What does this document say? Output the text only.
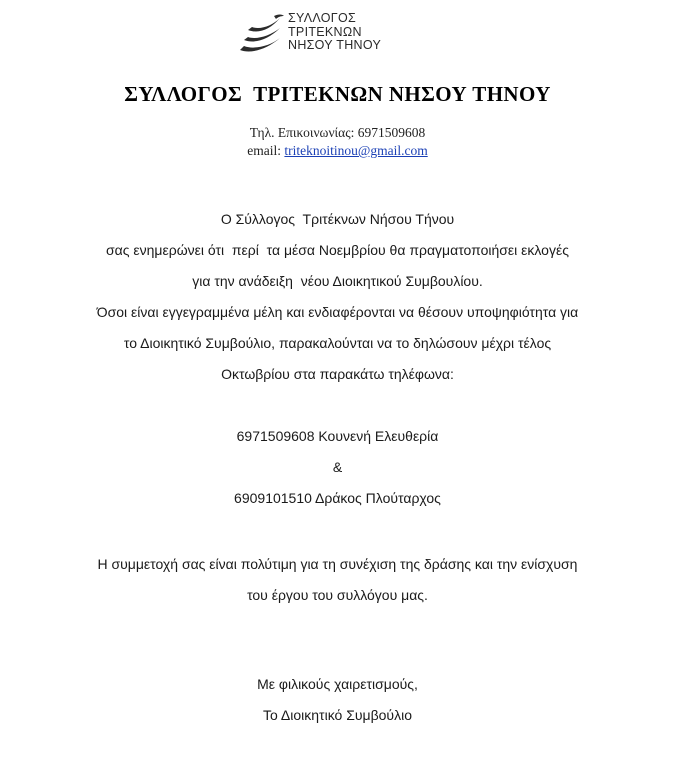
ΣΥΛΛΟΓΟΣ
ΤΡΙΤΕΚΝΩΝ
ΝΗΣΟΥ ΤΗΝΟΥ
ΣΥΛΛΟΓΟΣ  ΤΡΙΤΕΚΝΩΝ ΝΗΣΟΥ ΤΗΝΟΥ
Τηλ. Επικοινωνίας: 6971509608
email: triteknoitinou@gmail.com
Ο Σύλλογος  Τριτέκνων Νήσου Τήνου
σας ενημερώνει ότι  περί  τα μέσα Νοεμβρίου θα πραγματοποιήσει εκλογές
για την ανάδειξη  νέου Διοικητικού Συμβουλίου.
Όσοι είναι εγγεγραμμένα μέλη και ενδιαφέρονται να θέσουν υποψηφιότητα για
το Διοικητικό Συμβούλιο, παρακαλούνται να το δηλώσουν μέχρι τέλος
Οκτωβρίου στα παρακάτω τηλέφωνα:
6971509608 Κουνενή Ελευθερία
&
6909101510 Δράκος Πλούταρχος
Η συμμετοχή σας είναι πολύτιμη για τη συνέχιση της δράσης και την ενίσχυση
του έργου του συλλόγου μας.
Με φιλικούς χαιρετισμούς,
Το Διοικητικό Συμβούλιο
